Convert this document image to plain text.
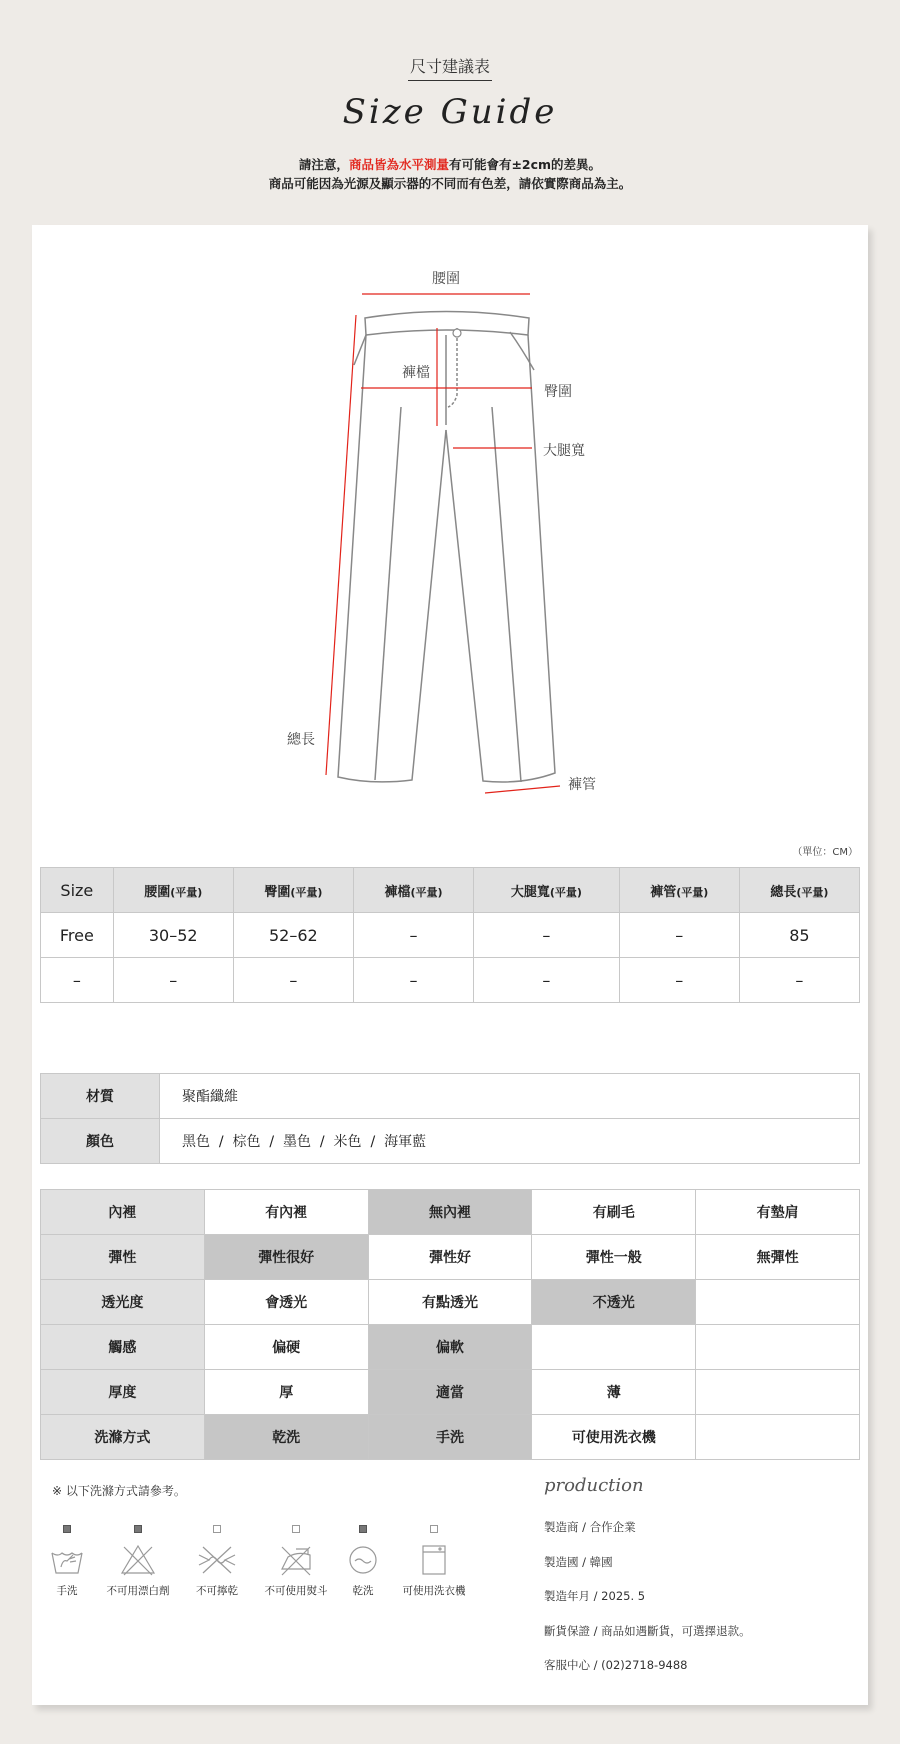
尺寸建議表
Size Guide
請注意，商品皆為水平測量有可能會有±2cm的差異。
商品可能因為光源及顯示器的不同而有色差，請依實際商品為主。
腰圍
褲檔
臀圍
大腿寬
總長
褲管
（單位：CM）
Size	腰圍(平量)	臀圍(平量)	褲檔(平量)	大腿寬(平量)	褲管(平量)	總長(平量)
Free	30–52	52–62	–	–	–	85
–	–	–	–	–	–	–
材質	聚酯纖維
顏色	黑色  /  棕色  /  墨色  /  米色  /  海軍藍
內裡	有內裡	無內裡	有刷毛	有墊肩
彈性	彈性很好	彈性好	彈性一般	無彈性
透光度	會透光	有點透光	不透光	
觸感	偏硬	偏軟		
厚度	厚	適當	薄	
洗滌方式	乾洗	手洗	可使用洗衣機	
※ 以下洗滌方式請參考。
手洗	不可用漂白劑	不可擰乾	不可使用熨斗	乾洗	可使用洗衣機
production
製造商 / 合作企業
製造國 / 韓國
製造年月 / 2025. 5
斷貨保證 / 商品如遇斷貨，可選擇退款。
客服中心 / (02)2718-9488
